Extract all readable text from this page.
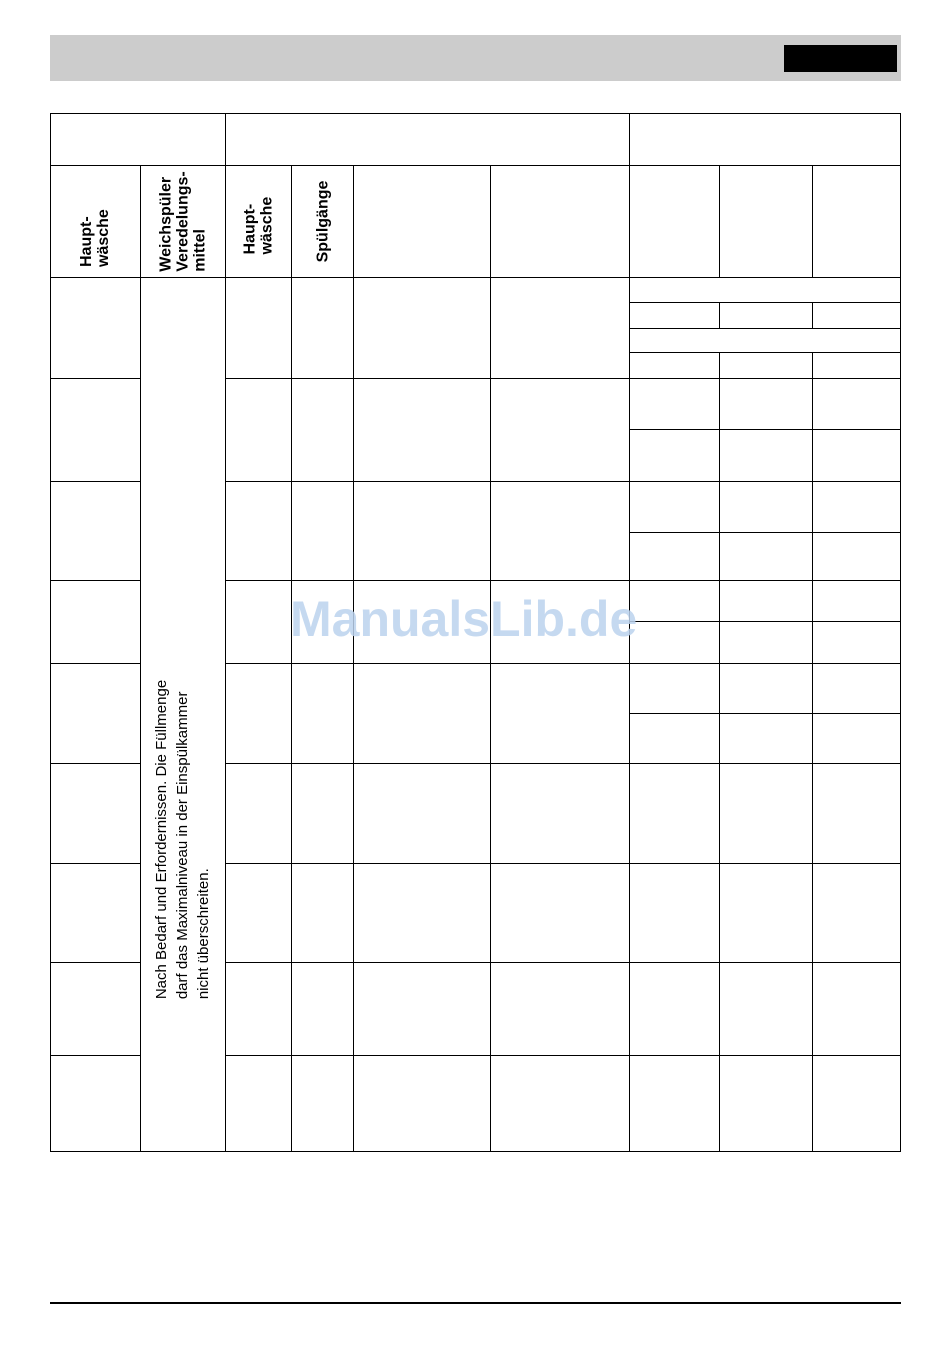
Haupt- wäsche	Weichspüler Veredelungs- mittel Haupt- wäsche Spülgänge
Nach Bedarf und Erfordernissen. Die Füllmenge darf das Maximalniveau in der Einspülkammer nicht überschreiten.
ManualsLib.de
